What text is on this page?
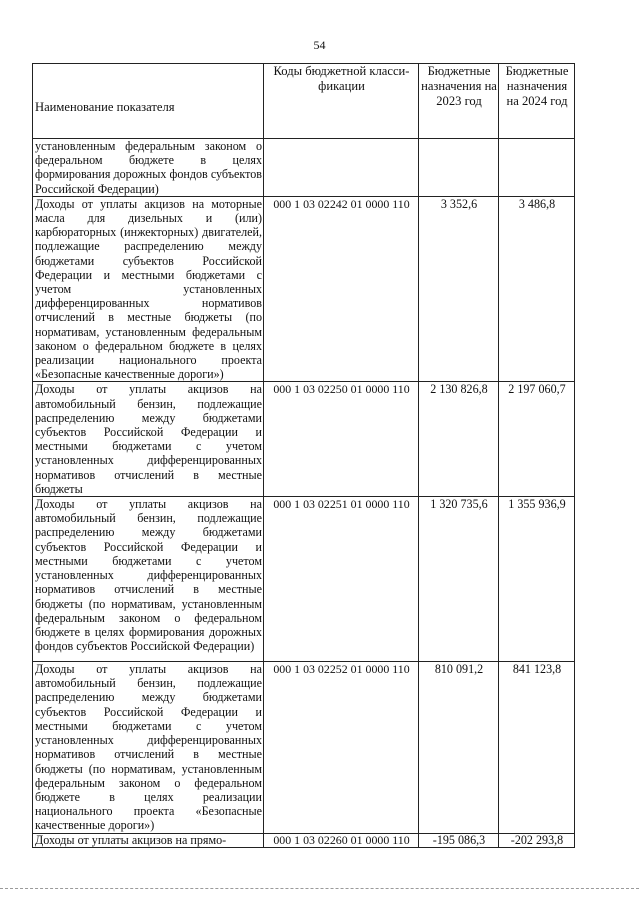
54
Наименование показателя	Коды бюджетной класси-фикации	Бюджетные назначения на 2023 год	Бюджетные назначения на 2024 год
установленным федеральным законом о федеральном бюджете в целях формирования дорожных фондов субъектов Российской Федерации)			
Доходы от уплаты акцизов на моторные масла для дизельных и (или) карбюраторных (инжекторных) двигателей, подлежащие распределению между бюджетами субъектов Российской Федерации и местными бюджетами с учетом установленных дифференцированных нормативов отчислений в местные бюджеты (по нормативам, установленным федеральным законом о федеральном бюджете в целях реализации национального проекта «Безопасные качественные дороги»)	000 1 03 02242 01 0000 110	3 352,6	3 486,8
Доходы от уплаты акцизов на автомобильный бензин, подлежащие распределению между бюджетами субъектов Российской Федерации и местными бюджетами с учетом установленных дифференцированных нормативов отчислений в местные бюджеты	000 1 03 02250 01 0000 110	2 130 826,8	2 197 060,7
Доходы от уплаты акцизов на автомобильный бензин, подлежащие распределению между бюджетами субъектов Российской Федерации и местными бюджетами с учетом установленных дифференцированных нормативов отчислений в местные бюджеты (по нормативам, установленным федеральным законом о федеральном бюджете в целях формирования дорожных фондов субъектов Российской Федерации)	000 1 03 02251 01 0000 110	1 320 735,6	1 355 936,9
Доходы от уплаты акцизов на автомобильный бензин, подлежащие распределению между бюджетами субъектов Российской Федерации и местными бюджетами с учетом установленных дифференцированных нормативов отчислений в местные бюджеты (по нормативам, установленным федеральным законом о федеральном бюджете в целях реализации национального проекта «Безопасные качественные дороги»)	000 1 03 02252 01 0000 110	810 091,2	841 123,8
Доходы от уплаты акцизов на прямо-	000 1 03 02260 01 0000 110	-195 086,3	-202 293,8
